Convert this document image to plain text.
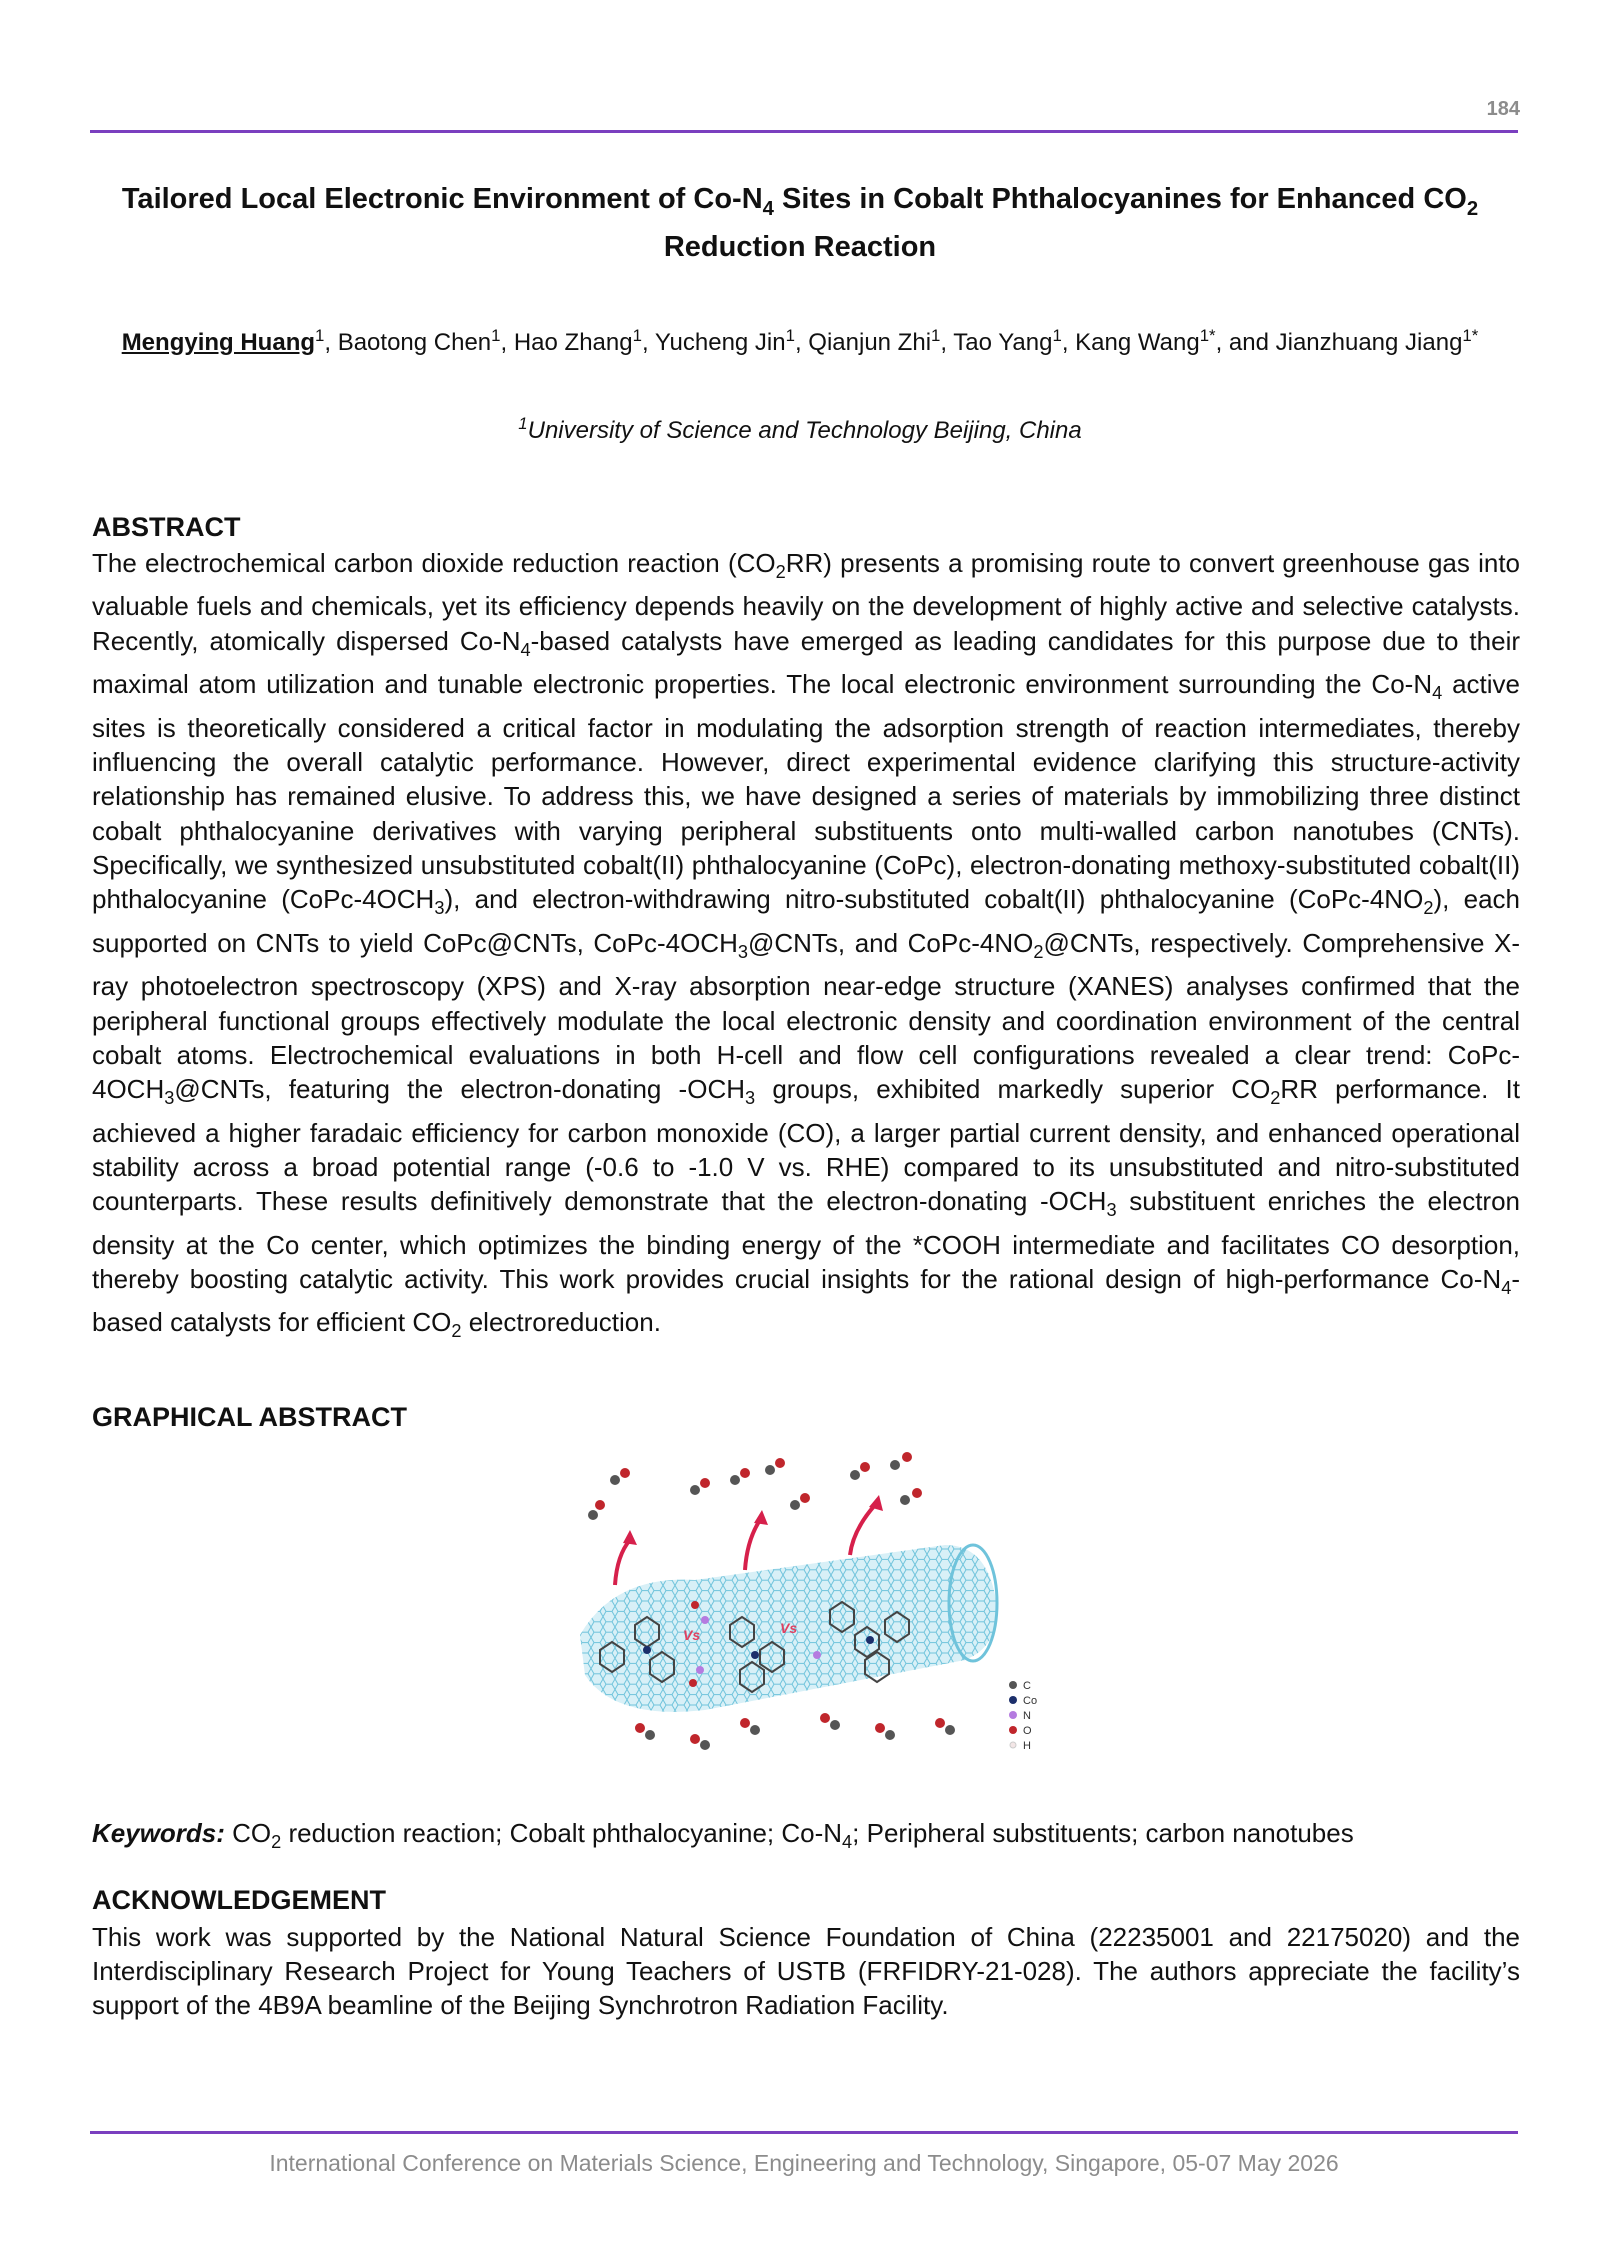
184
Tailored Local Electronic Environment of $Co-N_4$ Sites in Cobalt Phthalocyanines for Enhanced $CO_2$ Reduction Reaction
Mengying Huang$^1$, Baotong Chen$^1$, Hao Zhang$^1$, Yucheng Jin$^1$, Qianjun Zhi$^1$, Tao Yang$^1$, Kang Wang$^{1*}$, and Jianzhuang Jiang$^{1*}$
$^1$University of Science and Technology Beijing, China
ABSTRACT
The electrochemical carbon dioxide reduction reaction $(CO_2RR)$ presents a promising route to convert greenhouse gas into valuable fuels and chemicals, yet its efficiency depends heavily on the development of highly active and selective catalysts. Recently, atomically dispersed $Co-N_4$-based catalysts have emerged as leading candidates for this purpose due to their maximal atom utilization and tunable electronic properties. The local electronic environment surrounding the $Co-N_4$ active sites is theoretically considered a critical factor in modulating the adsorption strength of reaction intermediates, thereby influencing the overall catalytic performance. However, direct experimental evidence clarifying this structure-activity relationship has remained elusive. To address this, we have designed a series of materials by immobilizing three distinct cobalt phthalocyanine derivatives with varying peripheral substituents onto multi-walled carbon nanotubes (CNTs). Specifically, we synthesized unsubstituted cobalt(II) phthalocyanine (CoPc), electron-donating methoxy-substituted cobalt(II) phthalocyanine $(CoPc-4OCH_3)$, and electron-withdrawing nitro-substituted cobalt(II) phthalocyanine $(CoPc-4NO_2)$, each supported on CNTs to yield CoPc@CNTs, CoPc-$4OCH_3@CNTs$, and CoPc-$4NO_2@CNTs$, respectively. Comprehensive X-ray photoelectron spectroscopy (XPS) and X-ray absorption near-edge structure (XANES) analyses confirmed that the peripheral functional groups effectively modulate the local electronic density and coordination environment of the central cobalt atoms. Electrochemical evaluations in both H-cell and flow cell configurations revealed a clear trend: CoPc-$4OCH_3@CNTs$, featuring the electron-donating $-OCH_3$ groups, exhibited markedly superior $CO_2RR$ performance. It achieved a higher faradaic efficiency for carbon monoxide (CO), a larger partial current density, and enhanced operational stability across a broad potential range (-0.6 to -1.0 V vs. RHE) compared to its unsubstituted and nitro-substituted counterparts. These results definitively demonstrate that the electron-donating $-OCH_3$ substituent enriches the electron density at the Co center, which optimizes the binding energy of the *COOH intermediate and facilitates CO desorption, thereby boosting catalytic activity. This work provides crucial insights for the rational design of high-performance $Co-N_4$-based catalysts for efficient $CO_2$ electroreduction.
GRAPHICAL ABSTRACT
Vs	Vs
C
Co
N
O
H
Keywords: $CO_2$ reduction reaction; Cobalt phthalocyanine; $Co-N_4$; Peripheral substituents; carbon nanotubes
ACKNOWLEDGEMENT
This work was supported by the National Natural Science Foundation of China (22235001 and 22175020) and the Interdisciplinary Research Project for Young Teachers of USTB (FRFIDRY-21-028). The authors appreciate the facility’s support of the 4B9A beamline of the Beijing Synchrotron Radiation Facility.
International Conference on Materials Science, Engineering and Technology, Singapore, 05-07 May 2026
